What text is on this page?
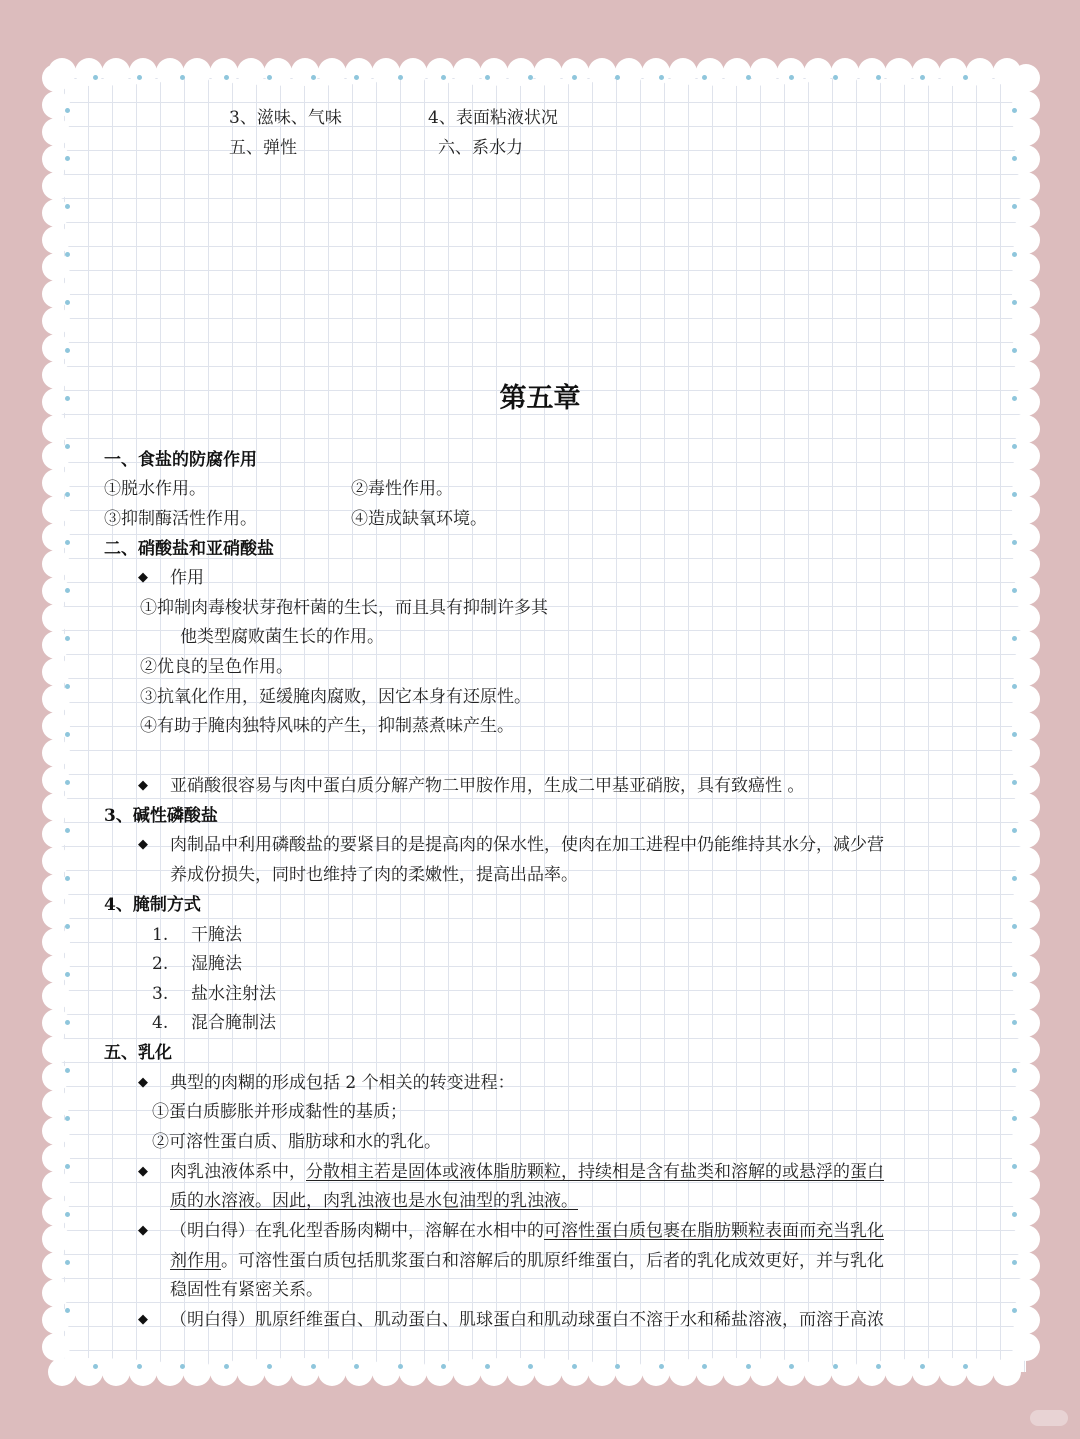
3、滋味、气味	4、表面粘液状况
五、弹性	六、系水力
第五章
一、食盐的防腐作用
①脱水作用。	②毒性作用。
③抑制酶活性作用。	④造成缺氧环境。
二、硝酸盐和亚硝酸盐
◆ 作用
①抑制肉毒梭状芽孢杆菌的生长，而且具有抑制许多其
他类型腐败菌生长的作用。
②优良的呈色作用。
③抗氧化作用，延缓腌肉腐败，因它本身有还原性。
④有助于腌肉独特风味的产生，抑制蒸煮味产生。
◆ 亚硝酸很容易与肉中蛋白质分解产物二甲胺作用，生成二甲基亚硝胺，具有致癌性 。
3、碱性磷酸盐
◆ 肉制品中利用磷酸盐的要紧目的是提高肉的保水性，使肉在加工进程中仍能维持其水分，减少营
养成份损失，同时也维持了肉的柔嫩性，提高出品率。
4、腌制方式
1. 干腌法
2. 湿腌法
3. 盐水注射法
4. 混合腌制法
五、乳化
◆ 典型的肉糊的形成包括 2 个相关的转变进程：
①蛋白质膨胀并形成黏性的基质；
②可溶性蛋白质、脂肪球和水的乳化。
◆ 肉乳浊液体系中，分散相主若是固体或液体脂肪颗粒，持续相是含有盐类和溶解的或悬浮的蛋白
质的水溶液。因此，肉乳浊液也是水包油型的乳浊液。
◆ （明白得）在乳化型香肠肉糊中，溶解在水相中的可溶性蛋白质包裹在脂肪颗粒表面而充当乳化
剂作用。可溶性蛋白质包括肌浆蛋白和溶解后的肌原纤维蛋白，后者的乳化成效更好，并与乳化
稳固性有紧密关系。
◆ （明白得）肌原纤维蛋白、肌动蛋白、肌球蛋白和肌动球蛋白不溶于水和稀盐溶液，而溶于高浓
